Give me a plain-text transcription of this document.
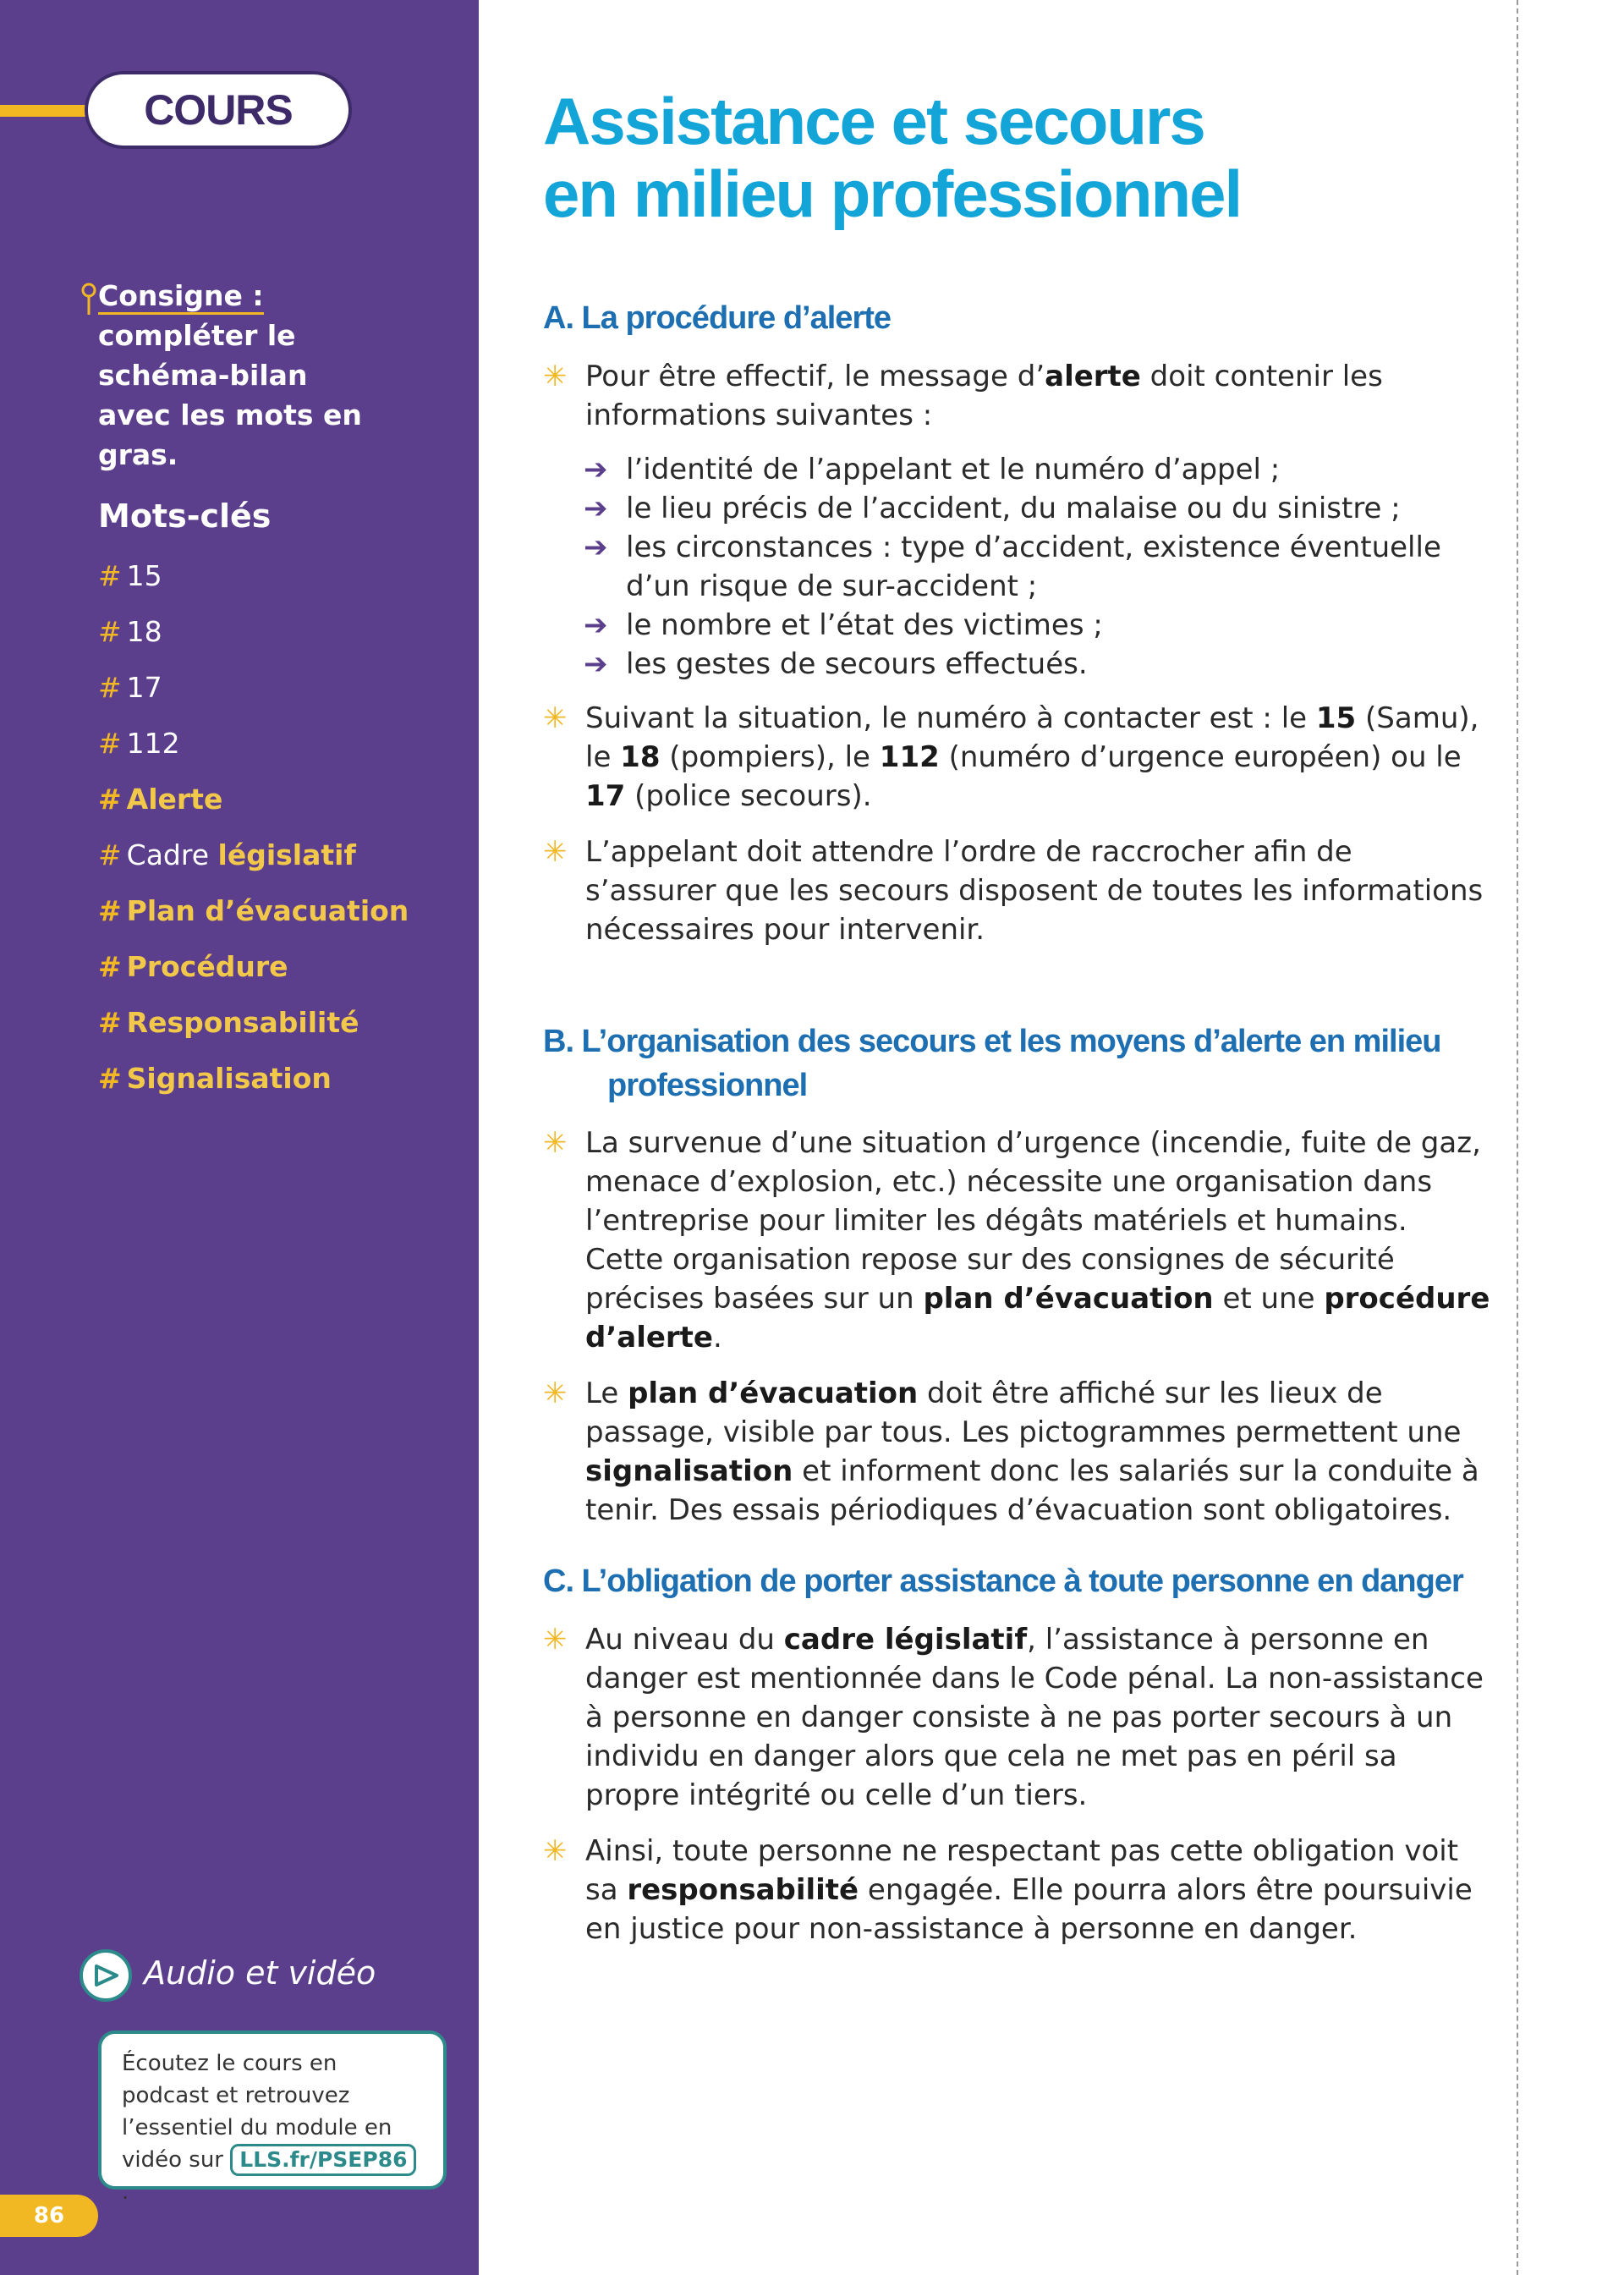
COURS
Consigne : compléter le schéma-bilan avec les mots en gras.
Mots-clés
# 15
# 18
# 17
# 112
# Alerte
# Cadre législatif
# Plan d’évacuation
# Procédure
# Responsabilité
# Signalisation
Audio et vidéo
Écoutez le cours en podcast et retrouvez l’essentiel du module en vidéo sur LLS.fr/PSEP86.
86
Assistance et secours
en milieu professionnel
A. La procédure d’alerte
✳ Pour être effectif, le message d’alerte doit contenir les informations suivantes :
➔ l’identité de l’appelant et le numéro d’appel ;
➔ le lieu précis de l’accident, du malaise ou du sinistre ;
➔ les circonstances : type d’accident, existence éventuelle d’un risque de sur-accident ;
➔ le nombre et l’état des victimes ;
➔ les gestes de secours effectués.
✳ Suivant la situation, le numéro à contacter est : le 15 (Samu), le 18 (pompiers), le 112 (numéro d’urgence européen) ou le 17 (police secours).
✳ L’appelant doit attendre l’ordre de raccrocher afin de s’assurer que les secours disposent de toutes les informations nécessaires pour intervenir.
B. L’organisation des secours et les moyens d’alerte en milieu
professionnel
✳ La survenue d’une situation d’urgence (incendie, fuite de gaz, menace d’explosion, etc.) nécessite une organisation dans l’entreprise pour limiter les dégâts matériels et humains. Cette organisation repose sur des consignes de sécurité précises basées sur un plan d’évacuation et une procédure d’alerte.
✳ Le plan d’évacuation doit être affiché sur les lieux de passage, visible par tous. Les pictogrammes permettent une signalisation et informent donc les salariés sur la conduite à tenir. Des essais périodiques d’évacuation sont obligatoires.
C. L’obligation de porter assistance à toute personne en danger
✳ Au niveau du cadre législatif, l’assistance à personne en danger est mentionnée dans le Code pénal. La non-assistance à personne en danger consiste à ne pas porter secours à un individu en danger alors que cela ne met pas en péril sa propre intégrité ou celle d’un tiers.
✳ Ainsi, toute personne ne respectant pas cette obligation voit sa responsabilité engagée. Elle pourra alors être poursuivie en justice pour non-assistance à personne en danger.
